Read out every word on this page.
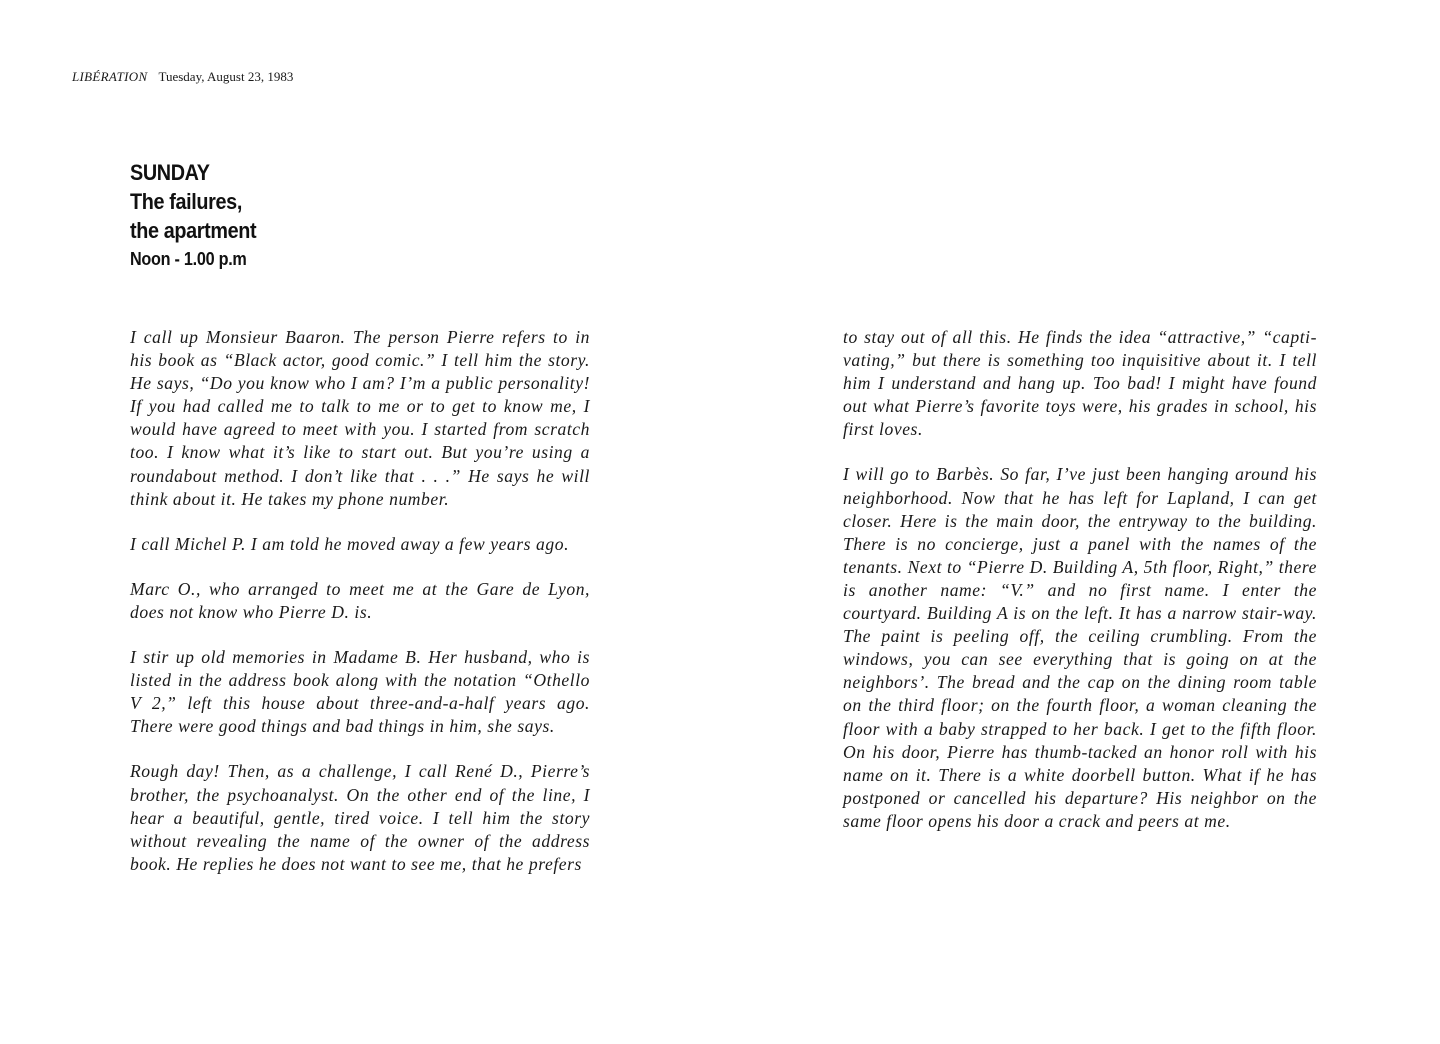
LIBÉRATION Tuesday, August 23, 1983
SUNDAY
The failures,
the apartment
Noon - 1.00 p.m

I call up Monsieur Baaron. The person Pierre refers to in his book as “Black actor, good comic.” I tell him the story. He says, “Do you know who I am? I’m a public personality! If you had called me to talk to me or to get to know me, I would have agreed to meet with you. I started from scratch too. I know what it’s like to start out. But you’re using a roundabout method. I don’t like that . . .” He says he will think about it. He takes my phone number.

I call Michel P. I am told he moved away a few years ago.

Marc O., who arranged to meet me at the Gare de Lyon, does not know who Pierre D. is.

I stir up old memories in Madame B. Her husband, who is listed in the address book along with the notation “Othello V 2,” left this house about three-and-a-half years ago. There were good things and bad things in him, she says.

Rough day! Then, as a challenge, I call René D., Pierre’s brother, the psychoanalyst. On the other end of the line, I hear a beautiful, gentle, tired voice. I tell him the story without revealing the name of the owner of the address book. He replies he does not want to see me, that he prefers

to stay out of all this. He finds the idea “attractive,” “capti-vating,” but there is something too inquisitive about it. I tell him I understand and hang up. Too bad! I might have found out what Pierre’s favorite toys were, his grades in school, his first loves.

I will go to Barbès. So far, I’ve just been hanging around his neighborhood. Now that he has left for Lapland, I can get closer. Here is the main door, the entryway to the building. There is no concierge, just a panel with the names of the tenants. Next to “Pierre D. Building A, 5th floor, Right,” there is another name: “V.” and no first name. I enter the courtyard. Building A is on the left. It has a narrow stair-way. The paint is peeling off, the ceiling crumbling. From the windows, you can see everything that is going on at the neighbors’. The bread and the cap on the dining room table on the third floor; on the fourth floor, a woman cleaning the floor with a baby strapped to her back. I get to the fifth floor. On his door, Pierre has thumb-tacked an honor roll with his name on it. There is a white doorbell button. What if he has postponed or cancelled his departure? His neighbor on the same floor opens his door a crack and peers at me.
